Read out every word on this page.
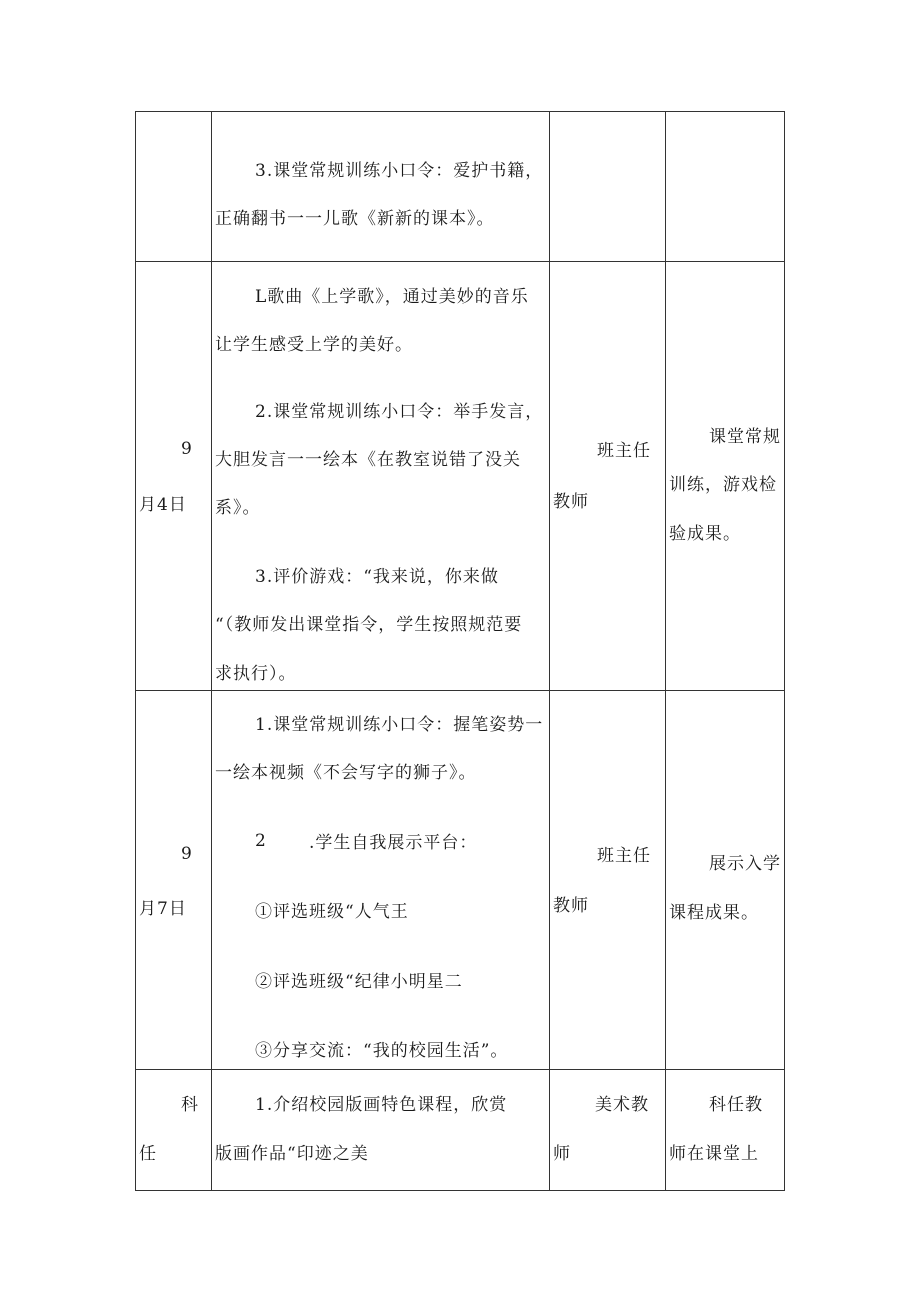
3.课堂常规训练小口令：爱护书籍，
正确翻书一一儿歌《新新的课本》。
9
月4日
L歌曲《上学歌》，通过美妙的音乐
让学生感受上学的美好。
2.课堂常规训练小口令：举手发言，
大胆发言一一绘本《在教室说错了没关
系》。
3.评价游戏：“我来说，你来做
“（教师发出课堂指令，学生按照规范要
求执行）。
班主任
教师
课堂常规
训练，游戏检
验成果。
9
月7日
1.课堂常规训练小口令：握笔姿势一
一绘本视频《不会写字的狮子》。
2 .学生自我展示平台：
①评选班级“人气王
②评选班级“纪律小明星二
③分享交流：“我的校园生活”。
班主任
教师
展示入学
课程成果。
科
任
1.介绍校园版画特色课程，欣赏
版画作品“印迹之美
美术教
师
科任教
师在课堂上
